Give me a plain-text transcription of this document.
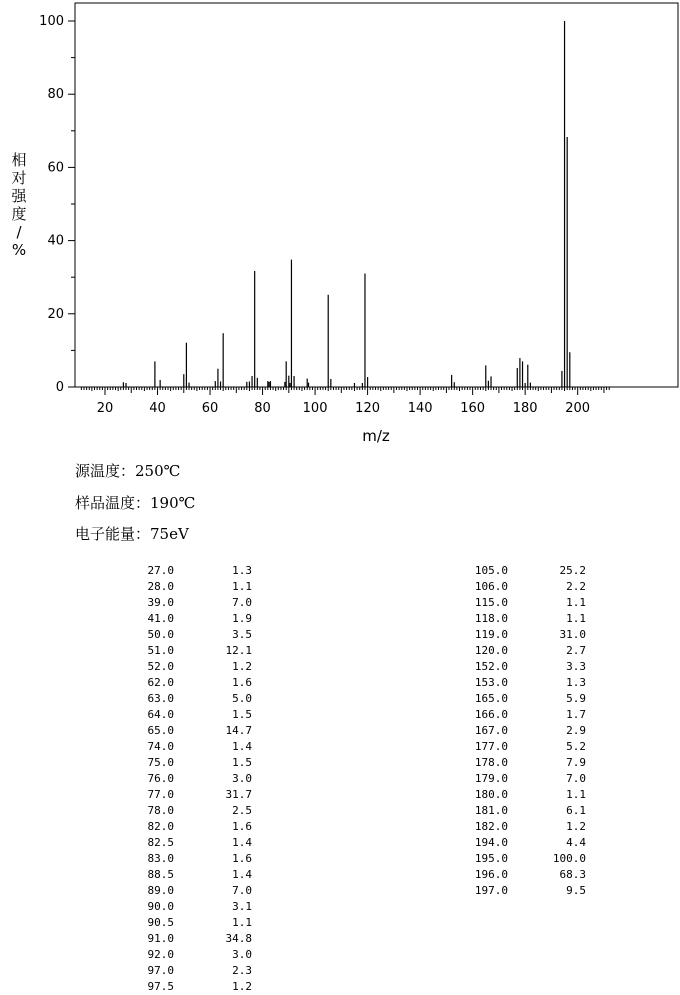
0
20
40
60
80
100
20	40	60	80 100 120 140 160 180 200
m/z
相对强度/ %
源温度：250℃
样品温度：190℃
电子能量：75eV
27.0	1.3
28.0	1.1
39.0	7.0
41.0	1.9
50.0	3.5
51.0	12.1
52.0	1.2
62.0	1.6
63.0	5.0
64.0	1.5
65.0	14.7
74.0	1.4
75.0	1.5
76.0	3.0
77.0	31.7
78.0	2.5
82.0	1.6
82.5	1.4
83.0	1.6
88.5	1.4
89.0	7.0
90.0	3.1
90.5	1.1
91.0	34.8
92.0	3.0
97.0	2.3
97.5	1.2
105.0	25.2
106.0	2.2
115.0	1.1
118.0	1.1
119.0	31.0
120.0	2.7
152.0	3.3
153.0	1.3
165.0	5.9
166.0	1.7
167.0	2.9
177.0	5.2
178.0	7.9
179.0	7.0
180.0	1.1
181.0	6.1
182.0	1.2
194.0	4.4
195.0	100.0
196.0	68.3
197.0	9.5
